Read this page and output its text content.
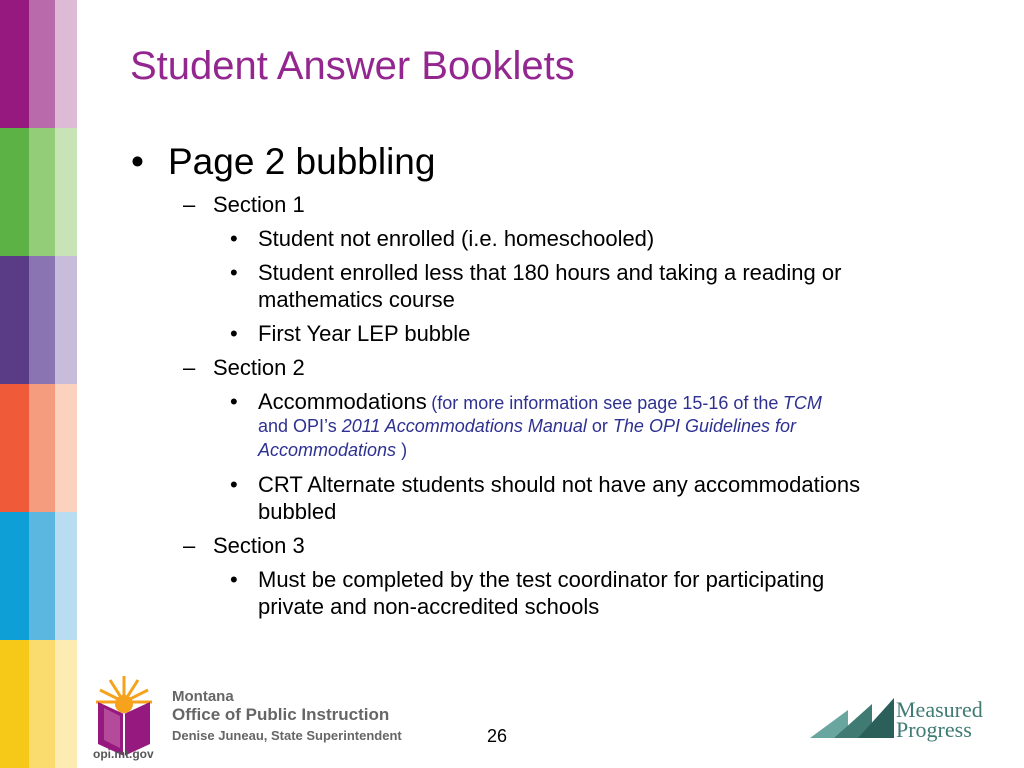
Student Answer Booklets
• Page 2 bubbling
– Section 1
• Student not enrolled (i.e. homeschooled)
• Student enrolled less that 180 hours and taking a reading or
mathematics course
• First Year LEP bubble
– Section 2
• Accommodations (for more information see page 15-16 of the TCM
and OPI’s 2011 Accommodations Manual or The OPI Guidelines for
Accommodations )
• CRT Alternate students should not have any accommodations
bubbled
– Section 3
• Must be completed by the test coordinator for participating
private and non-accredited schools
Montana
Office of Public Instruction
Denise Juneau, State Superintendent
opi.mt.gov
26
Measured
Progress
